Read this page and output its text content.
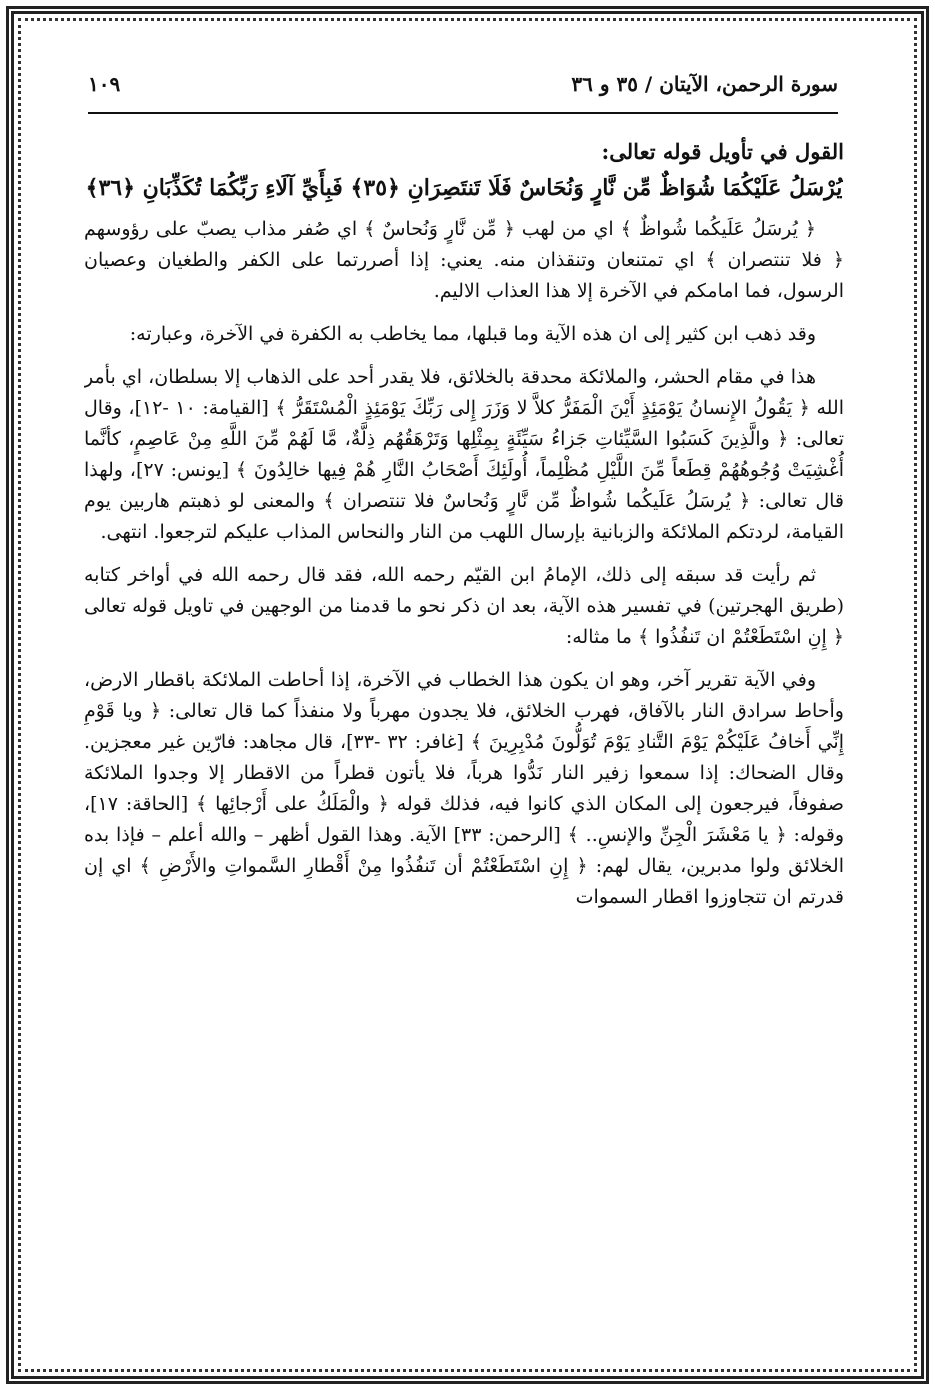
سورة الرحمن، الآيتان / ٣٥ و ٣٦
١٠٩
القول في تأويل قوله تعالى:
يُرْسَلُ عَلَيْكُمَا شُوَاظٌ مِّن نَّارٍ وَنُحَاسٌ فَلَا تَنتَصِرَانِ ﴿٣٥﴾ فَبِأَيِّ آلَاءِ رَبِّكُمَا تُكَذِّبَانِ ﴿٣٦﴾

﴿ يُرسَلُ عَلَيكُما شُواظٌ ﴾ اي من لهب ﴿ مِّن نَّارٍ وَنُحاسٌ ﴾ اي صُفر مذاب يصبّ على رؤوسهم ﴿ فلا تنتصران ﴾ اي تمتنعان وتنقذان منه. يعني: إذا أصررتما على الكفر والطغيان وعصيان الرسول، فما امامكم في الآخرة إلا هذا العذاب الاليم.

وقد ذهب ابن كثير إلى ان هذه الآية وما قبلها، مما يخاطب به الكفرة في الآخرة، وعبارته:

هذا في مقام الحشر، والملائكة محدقة بالخلائق، فلا يقدر أحد على الذهاب إلا بسلطان، اي بأمر الله ﴿ يَقُولُ الإِنسانُ يَوْمَئِذٍ أَيْنَ الْمَفَرُّ كلاَّ لا وَزَرَ إِلى رَبِّكَ يَوْمَئِذٍ الْمُسْتَقَرُّ ﴾ [القيامة: ١٠ -١٢]، وقال تعالى: ﴿ والَّذِينَ كَسَبُوا السَّيِّئاتِ جَزاءُ سَيِّئَةٍ بِمِثْلِها وَتَرْهَقُهُم ذِلَّةٌ، مَّا لَهُمْ مِّنَ اللَّهِ مِنْ عَاصِمٍ، كأنَّما أُغْشِيَتْ وُجُوهُهُمْ قِطَعاً مِّنَ اللَّيْلِ مُظْلِماً، أُولَئِكَ أَصْحَابُ النَّارِ هُمْ فِيها خالِدُونَ ﴾ [يونس: ٢٧]، ولهذا قال تعالى: ﴿ يُرسَلُ عَلَيكُما شُواظٌ مِّن نَّارٍ وَنُحاسٌ فلا تنتصران ﴾ والمعنى لو ذهبتم هاربين يوم القيامة، لردتكم الملائكة والزبانية بإرسال اللهب من النار والنحاس المذاب عليكم لترجعوا. انتهى.

ثم رأيت قد سبقه إلى ذلك، الإمامُ ابن القيّم رحمه الله، فقد قال رحمه الله في أواخر كتابه (طريق الهجرتين) في تفسير هذه الآية، بعد ان ذكر نحو ما قدمنا من الوجهين في تاويل قوله تعالى ﴿ إِنِ اسْتَطَعْتُمْ ان تَنفُذُوا ﴾ ما مثاله:

وفي الآية تقرير آخر، وهو ان يكون هذا الخطاب في الآخرة، إذا أحاطت الملائكة باقطار الارض، وأحاط سرادق النار بالآفاق، فهرب الخلائق، فلا يجدون مهرباً ولا منفذاً كما قال تعالى: ﴿ ويا قَوْمِ إِنِّي أَخافُ عَلَيْكُمْ يَوْمَ التَّنادِ يَوْمَ تُوَلُّونَ مُدْبِرِينَ ﴾ [غافر: ٣٢ -٣٣]، قال مجاهد: فارّين غير معجزين. وقال الضحاك: إذا سمعوا زفير النار نَدُّوا هرباً، فلا يأتون قطراً من الاقطار إلا وجدوا الملائكة صفوفاً، فيرجعون إلى المكان الذي كانوا فيه، فذلك قوله ﴿ والْمَلَكُ على أَرْجائِها ﴾ [الحاقة: ١٧]، وقوله: ﴿ يا مَعْشَرَ الْجِنِّ والإنسِ.. ﴾ [الرحمن: ٣٣] الآية. وهذا القول أظهر – والله أعلم – فإذا بده الخلائق ولوا مدبرين، يقال لهم: ﴿ إِنِ اسْتَطَعْتُمْ أن تَنفُذُوا مِنْ أَقْطارِ السَّمواتِ والأَرْضِ ﴾ اي إن قدرتم ان تتجاوزوا اقطار السموات
